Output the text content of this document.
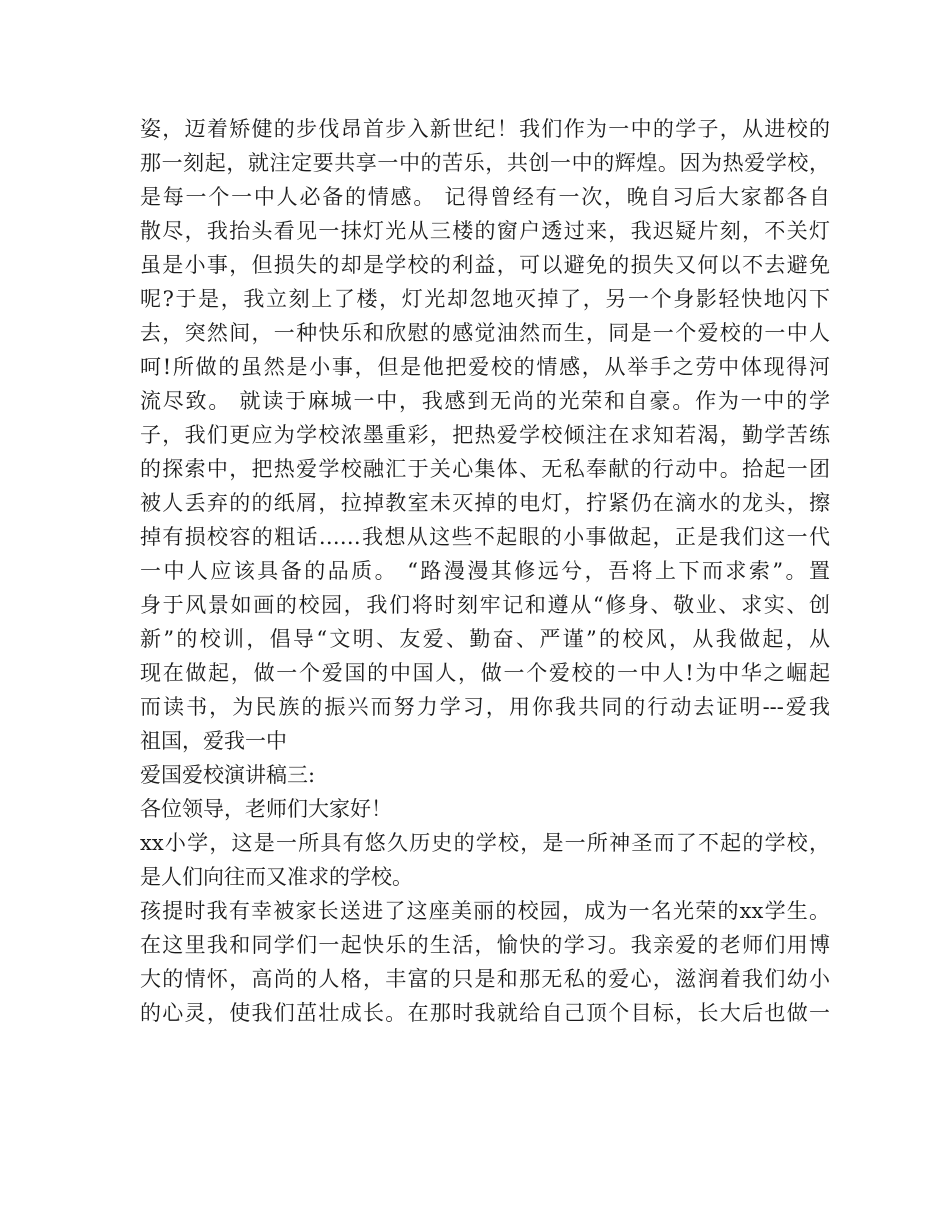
姿，迈着矫健的步伐昂首步入新世纪！我们作为一中的学子，从进校的
那一刻起，就注定要共享一中的苦乐，共创一中的辉煌。因为热爱学校，
是每一个一中人必备的情感。 记得曾经有一次，晚自习后大家都各自
散尽，我抬头看见一抹灯光从三楼的窗户透过来，我迟疑片刻，不关灯
虽是小事，但损失的却是学校的利益，可以避免的损失又何以不去避免
呢?于是，我立刻上了楼，灯光却忽地灭掉了，另一个身影轻快地闪下
去，突然间，一种快乐和欣慰的感觉油然而生，同是一个爱校的一中人
呵!所做的虽然是小事，但是他把爱校的情感，从举手之劳中体现得河
流尽致。 就读于麻城一中，我感到无尚的光荣和自豪。作为一中的学
子，我们更应为学校浓墨重彩，把热爱学校倾注在求知若渴，勤学苦练
的探索中，把热爱学校融汇于关心集体、无私奉献的行动中。拾起一团
被人丢弃的的纸屑，拉掉教室未灭掉的电灯，拧紧仍在滴水的龙头，擦
掉有损校容的粗话……我想从这些不起眼的小事做起，正是我们这一代
一中人应该具备的品质。 “路漫漫其修远兮，吾将上下而求索”。置
身于风景如画的校园，我们将时刻牢记和遵从“修身、敬业、求实、创
新”的校训，倡导“文明、友爱、勤奋、严谨”的校风，从我做起，从
现在做起，做一个爱国的中国人，做一个爱校的一中人!为中华之崛起
而读书，为民族的振兴而努力学习，用你我共同的行动去证明---爱我
祖国，爱我一中
爱国爱校演讲稿三:
各位领导，老师们大家好！
xx小学，这是一所具有悠久历史的学校，是一所神圣而了不起的学校，
是人们向往而又准求的学校。
孩提时我有幸被家长送进了这座美丽的校园，成为一名光荣的xx学生。
在这里我和同学们一起快乐的生活，愉快的学习。我亲爱的老师们用博
大的情怀，高尚的人格，丰富的只是和那无私的爱心，滋润着我们幼小
的心灵，使我们茁壮成长。在那时我就给自己顶个目标，长大后也做一
